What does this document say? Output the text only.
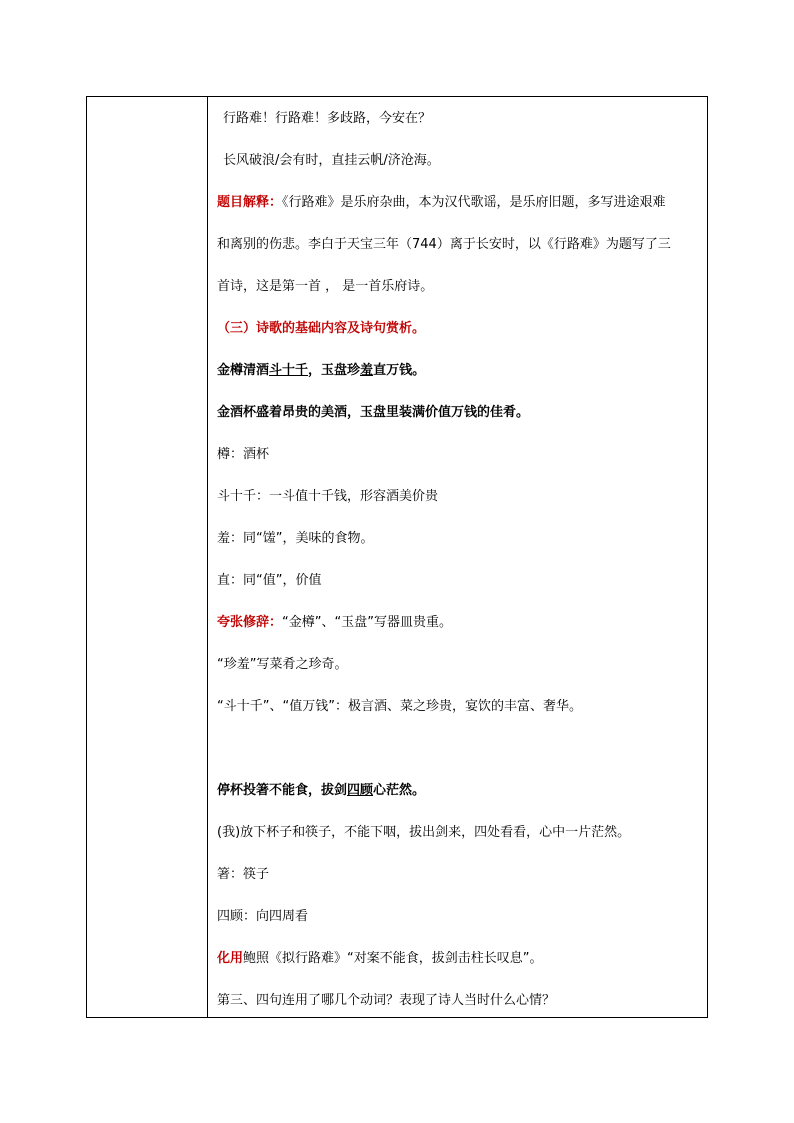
行路难！行路难！多歧路，今安在？
长风破浪/会有时，直挂云帆/济沧海。
题目解释：《行路难》是乐府杂曲，本为汉代歌谣，是乐府旧题，多写进途艰难
和离别的伤悲。李白于天宝三年（744）离于长安时，以《行路难》为题写了三
首诗，这是第一首 ， 是一首乐府诗。
（三）诗歌的基础内容及诗句赏析。
金樽清酒斗十千，玉盘珍羞直万钱。
金酒杯盛着昂贵的美酒，玉盘里装满价值万钱的佳肴。
樽：酒杯
斗十千：一斗值十千钱，形容酒美价贵
羞：同“馐”，美味的食物。
直：同“值”，价值
夸张修辞：“金樽”、“玉盘”写器皿贵重。
“珍羞”写菜肴之珍奇。
“斗十千”、“值万钱”：极言酒、菜之珍贵，宴饮的丰富、奢华。
停杯投箸不能食，拔剑四顾心茫然。
(我)放下杯子和筷子，不能下咽，拔出剑来，四处看看，心中一片茫然。
箸：筷子
四顾：向四周看
化用鲍照《拟行路难》“对案不能食，拔剑击柱长叹息”。
第三、四句连用了哪几个动词？表现了诗人当时什么心情？
